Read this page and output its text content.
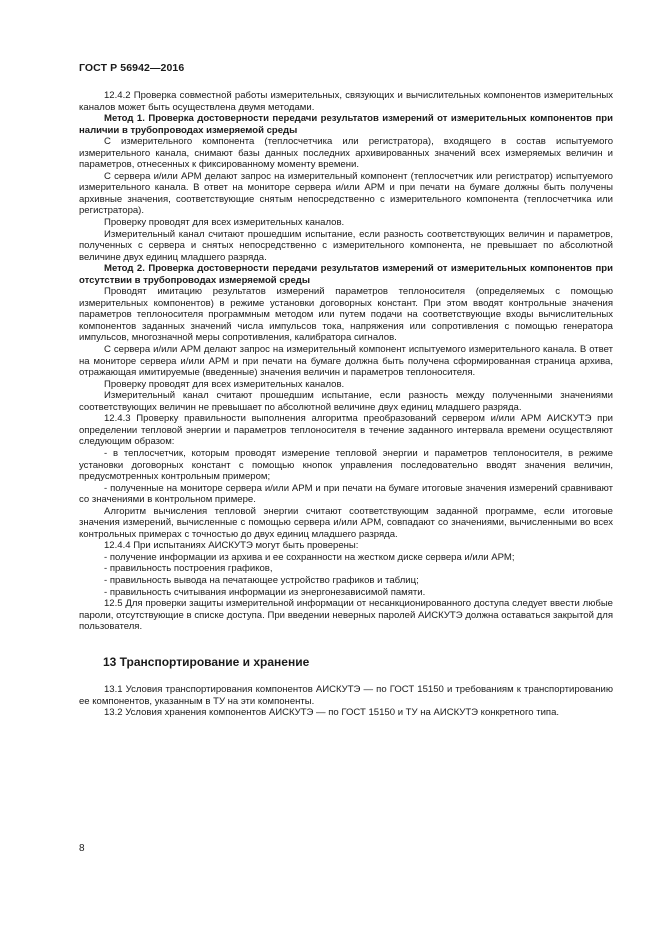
ГОСТ Р 56942—2016

12.4.2 Проверка совместной работы измерительных, связующих и вычислительных компонентов измерительных каналов может быть осуществлена двумя методами.

Метод 1. Проверка достоверности передачи результатов измерений от измерительных компонентов при наличии в трубопроводах измеряемой среды

С измерительного компонента (теплосчетчика или регистратора), входящего в состав испытуемого измерительного канала, снимают базы данных последних архивированных значений всех измеряемых величин и параметров, отнесенных к фиксированному моменту времени.

С сервера и/или АРМ делают запрос на измерительный компонент (теплосчетчик или регистратор) испытуемого измерительного канала. В ответ на мониторе сервера и/или АРМ и при печати на бумаге должны быть получены архивные значения, соответствующие снятым непосредственно с измерительного компонента (теплосчетчика или регистратора).

Проверку проводят для всех измерительных каналов.

Измерительный канал считают прошедшим испытание, если разность соответствующих величин и параметров, полученных с сервера и снятых непосредственно с измерительного компонента, не превышает по абсолютной величине двух единиц младшего разряда.

Метод 2. Проверка достоверности передачи результатов измерений от измерительных компонентов при отсутствии в трубопроводах измеряемой среды

Проводят имитацию результатов измерений параметров теплоносителя (определяемых с помощью измерительных компонентов) в режиме установки договорных констант. При этом вводят контрольные значения параметров теплоносителя программным методом или путем подачи на соответствующие входы вычислительных компонентов заданных значений числа импульсов тока, напряжения или сопротивления с помощью генератора импульсов, многозначной меры сопротивления, калибратора сигналов.

С сервера и/или АРМ делают запрос на измерительный компонент испытуемого измерительного канала. В ответ на мониторе сервера и/или АРМ и при печати на бумаге должна быть получена сформированная страница архива, отражающая имитируемые (введенные) значения величин и параметров теплоносителя.

Проверку проводят для всех измерительных каналов.

Измерительный канал считают прошедшим испытание, если разность между полученными значениями соответствующих величин не превышает по абсолютной величине двух единиц младшего разряда.

12.4.3 Проверку правильности выполнения алгоритма преобразований сервером и/или АРМ АИСКУТЭ при определении тепловой энергии и параметров теплоносителя в течение заданного интервала времени осуществляют следующим образом:

- в теплосчетчик, которым проводят измерение тепловой энергии и параметров теплоносителя, в режиме установки договорных констант с помощью кнопок управления последовательно вводят значения величин, предусмотренных контрольным примером;

- полученные на мониторе сервера и/или АРМ и при печати на бумаге итоговые значения измерений сравнивают со значениями в контрольном примере.

Алгоритм вычисления тепловой энергии считают соответствующим заданной программе, если итоговые значения измерений, вычисленные с помощью сервера и/или АРМ, совпадают со значениями, вычисленными во всех контрольных примерах с точностью до двух единиц младшего разряда.

12.4.4 При испытаниях АИСКУТЭ могут быть проверены:

- получение информации из архива и ее сохранности на жестком диске сервера и/или АРМ;

- правильность построения графиков,

- правильность вывода на печатающее устройство графиков и таблиц;

- правильность считывания информации из энергонезависимой памяти.

12.5 Для проверки защиты измерительной информации от несанкционированного доступа следует ввести любые пароли, отсутствующие в списке доступа. При введении неверных паролей АИСКУТЭ должна оставаться закрытой для пользователя.

13 Транспортирование и хранение

13.1 Условия транспортирования компонентов АИСКУТЭ — по ГОСТ 15150 и требованиям к транспортированию ее компонентов, указанным в ТУ на эти компоненты.

13.2 Условия хранения компонентов АИСКУТЭ — по ГОСТ 15150 и ТУ на АИСКУТЭ конкретного типа.

8
